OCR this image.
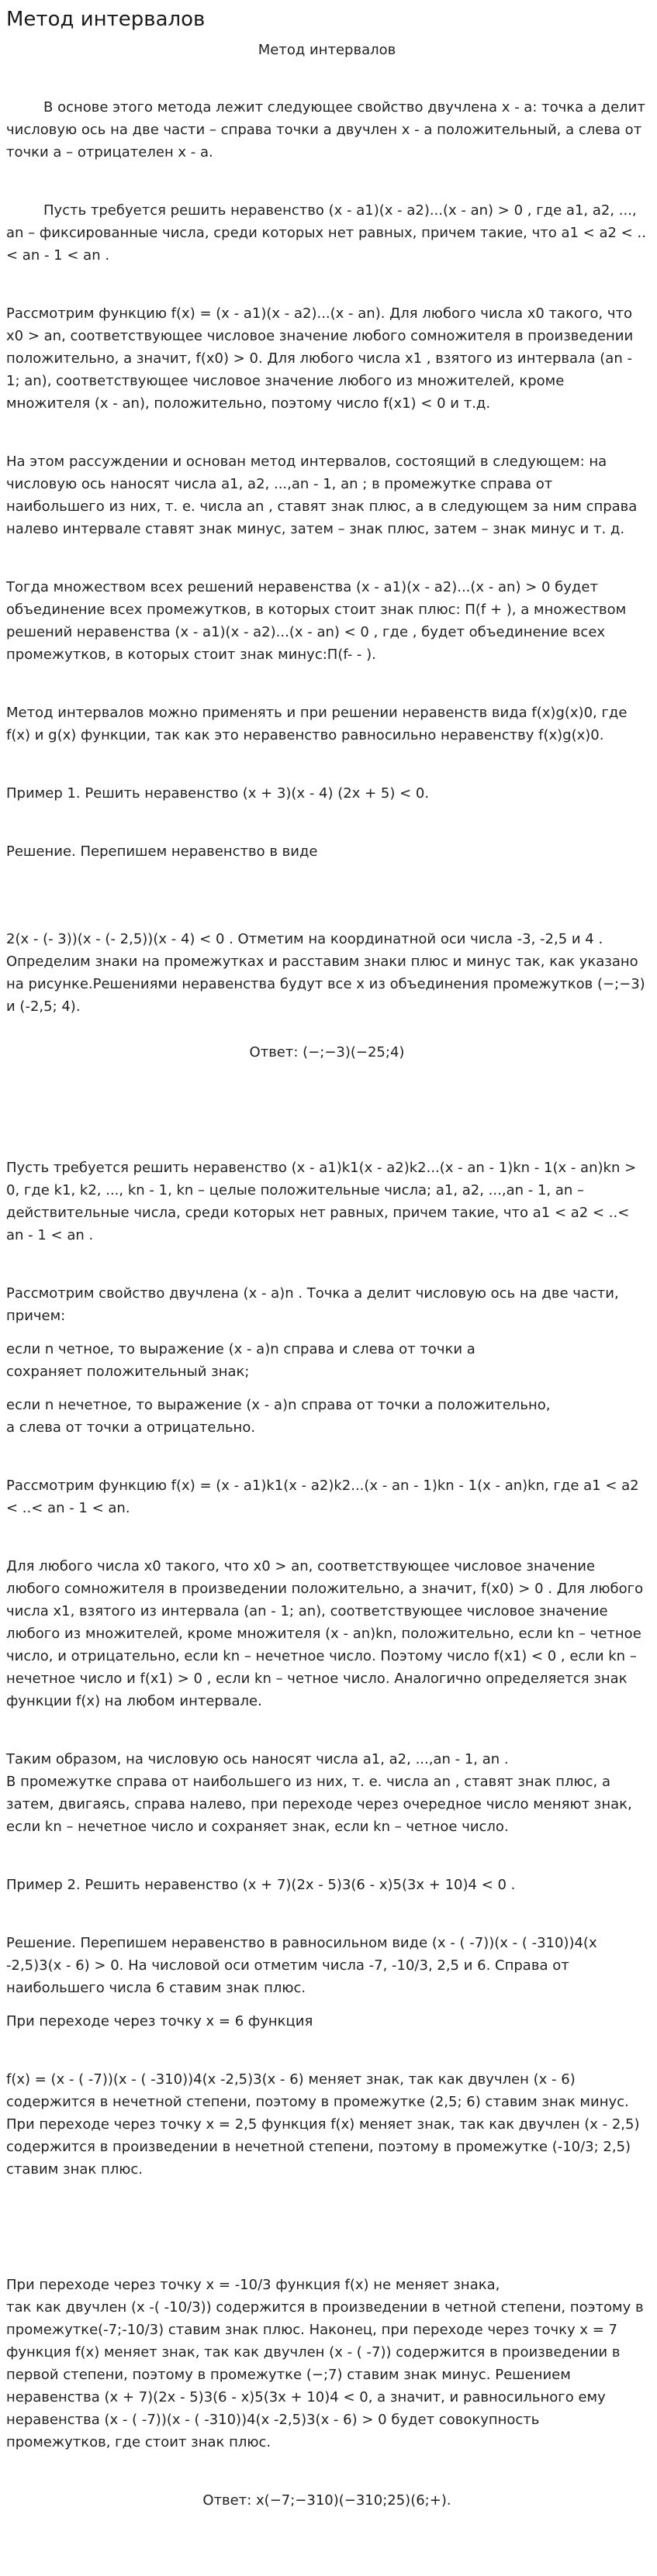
Метод интервалов
Метод интервалов

В основе этого метода лежит следующее свойство двучлена x - a: точка a делит числовую ось на две части – справа точки a двучлен x - a положительный, а слева от точки a – отрицателен x - a.

Пусть требуется решить неравенство (x - a1)(x - a2)...(x - an) > 0 , где a1, a2, ..., an – фиксированные числа, среди которых нет равных, причем такие, что a1 < a2 < ..< an - 1 < an .

Рассмотрим функцию f(x) = (x - a1)(x - a2)...(x - an). Для любого числа x0 такого, что x0 > an, соответствующее числовое значение любого сомножителя в произведении положительно, а значит, f(x0) > 0. Для любого числа x1 , взятого из интервала (an - 1; an), соответствующее числовое значение любого из множителей, кроме множителя (x - an), положительно, поэтому число f(x1) < 0 и т.д.

На этом рассуждении и основан метод интервалов, состоящий в следующем: на числовую ось наносят числа a1, a2, ...,an - 1, an ; в промежутке справа от наибольшего из них, т. е. числа an , ставят знак плюс, а в следующем за ним справа налево интервале ставят знак минус, затем – знак плюс, затем – знак минус и т. д.

Тогда множеством всех решений неравенства (x - a1)(x - a2)...(x - an) > 0 будет объединение всех промежутков, в которых стоит знак плюс: П(f + ), а множеством решений неравенства (x - a1)(x - a2)...(x - an) < 0 , где , будет объединение всех промежутков, в которых стоит знак минус:П(f- - ).

Метод интервалов можно применять и при решении неравенств вида f(x)g(x)0, где f(x) и g(x) функции, так как это неравенство равносильно неравенству f(x)g(x)0.

Пример 1. Решить неравенство (x + 3)(x - 4) (2x + 5) < 0.

Решение. Перепишем неравенство в виде

2(x - (- 3))(x - (- 2,5))(x - 4) < 0 . Отметим на координатной оси числа -3, -2,5 и 4 . Определим знаки на промежутках и расставим знаки плюс и минус так, как указано на рисунке.Решениями неравенства будут все x из объединения промежутков (−;−3) и (-2,5; 4).

Ответ: (−;−3)(−25;4)

Пусть требуется решить неравенство (x - a1)k1(x - a2)k2...(x - an - 1)kn - 1(x - an)kn > 0, где k1, k2, ..., kn - 1, kn – целые положительные числа; a1, a2, ...,an - 1, an – действительные числа, среди которых нет равных, причем такие, что a1 < a2 < ..< an - 1 < an .

Рассмотрим свойство двучлена (x - a)n . Точка a делит числовую ось на две части, причем:

если n четное, то выражение (x - a)n справа и слева от точки a
сохраняет положительный знак;

если n нечетное, то выражение (x - a)n справа от точки a положительно,
а слева от точки a отрицательно.

Рассмотрим функцию f(x) = (x - a1)k1(x - a2)k2...(x - an - 1)kn - 1(x - an)kn, где a1 < a2 < ..< an - 1 < an.

Для любого числа x0 такого, что x0 > an, соответствующее числовое значение любого сомножителя в произведении положительно, а значит, f(x0) > 0 . Для любого числа x1, взятого из интервала (an - 1; an), соответствующее числовое значение любого из множителей, кроме множителя (x - an)kn, положительно, если kn – четное число, и отрицательно, если kn – нечетное число. Поэтому число f(x1) < 0 , если kn – нечетное число и f(x1) > 0 , если kn – четное число. Аналогично определяется знак функции f(x) на любом интервале.

Таким образом, на числовую ось наносят числа a1, a2, ...,an - 1, an .
В промежутке справа от наибольшего из них, т. е. числа an , ставят знак плюс, а затем, двигаясь, справа налево, при переходе через очередное число меняют знак, если kn – нечетное число и сохраняет знак, если kn – четное число.

Пример 2. Решить неравенство (x + 7)(2x - 5)3(6 - x)5(3x + 10)4 < 0 .

Решение. Перепишем неравенство в равносильном виде (x - ( -7))(x - ( -310))4(x -2,5)3(x - 6) > 0. На числовой оси отметим числа -7, -10/3, 2,5 и 6. Справа от наибольшего числа 6 ставим знак плюс.

При переходе через точку x = 6 функция

f(x) = (x - ( -7))(x - ( -310))4(x -2,5)3(x - 6) меняет знак, так как двучлен (x - 6) содержится в нечетной степени, поэтому в промежутке (2,5; 6) ставим знак минус. При переходе через точку x = 2,5 функция f(x) меняет знак, так как двучлен (x - 2,5) содержится в произведении в нечетной степени, поэтому в промежутке (-10/3; 2,5) ставим знак плюс.

При переходе через точку x = -10/3 функция f(x) не меняет знака,
так как двучлен (x -( -10/3)) содержится в произведении в четной степени, поэтому в промежутке(-7;-10/3) ставим знак плюс. Наконец, при переходе через точку x = 7 функция f(x) меняет знак, так как двучлен (x - ( -7)) содержится в произведении в первой степени, поэтому в промежутке (−;7) ставим знак минус. Решением неравенства (x + 7)(2x - 5)3(6 - x)5(3x + 10)4 < 0, а значит, и равносильного ему неравенства (x - ( -7))(x - ( -310))4(x -2,5)3(x - 6) > 0 будет совокупность промежутков, где стоит знак плюс.

Ответ: x(−7;−310)(−310;25)(6;+).
